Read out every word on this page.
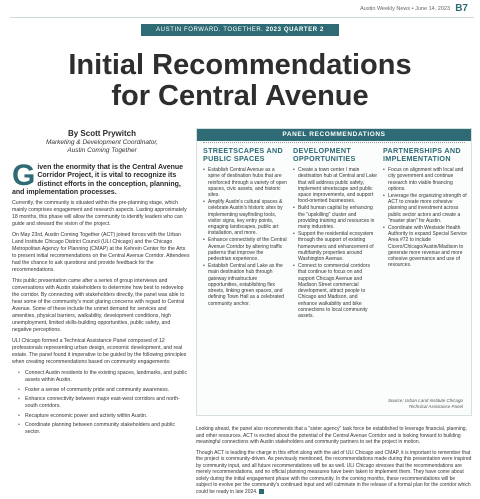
Austin Weekly News • June 14, 2023 B7
AUSTIN FORWARD. TOGETHER. 2023 QUARTER 2
Initial Recommendations
for Central Avenue
By Scott Prywitch
Marketing & Development Coordinator,
Austin Coming Together
G iven the enormity that is the Central Avenue Corridor Project, it is vital to recognize its distinct efforts in the conception, planning, and implementation processes.

Currently, the community is situated within the pre-planning stage, which mainly comprises engagement and research aspects. Lasting approximately 18 months, this phase will allow the community to identify leaders who can guide and steward the vision of the project.

On May 23rd, Austin Coming Together (ACT) joined forces with the Urban Land Institute Chicago District Council (ULI Chicago) and the Chicago Metropolitan Agency for Planning (CMAP) at the Kehrein Center for the Arts to present initial recommendations on the Central Avenue Corridor. Attendees had the chance to ask questions and provide feedback for the recommendations.

This public presentation came after a series of group interviews and conversations with Austin stakeholders to determine how best to redevelop the corridor. By connecting with stakeholders directly, the panel was able to hear some of the community's most glaring concerns with regard to Central Avenue. Some of these include the unmet demand for services and amenities, physical barriers, walkability, development conditions, high unemployment, limited skills-building opportunities, public safety, and negative perceptions.

ULI Chicago formed a Technical Assistance Panel composed of 12 professionals representing urban design, economic development, and real estate. The panel found it imperative to be guided by the following principles when creating recommendations based on community engagements:

• Connect Austin residents to the existing spaces, landmarks, and public assets within Austin.
• Foster a sense of community pride and community awareness.
• Enhance connectivity between major east-west corridors and north-south corridors.
• Recapture economic power and activity within Austin.
• Coordinate planning between community stakeholders and public sector.
PANEL RECOMMENDATIONS
STREETSCAPES AND
PUBLIC SPACES
• Establish Central Avenue as a spine of destination hubs that are reinforced through a variety of open spaces, civic assets, and historic sites.
• Amplify Austin's cultural spaces & celebrate Austin's historic sites by implementing wayfinding tools, visitor signs, key entry points, engaging landscapes, public art installation, and more.
• Enhance connectivity of the Central Avenue Corridor by altering traffic patterns that improve the pedestrian experience.
• Establish Central and Lake as the main destination hub through gateway infrastructure opportunities, establishing flex streets, linking green spaces, and defining Town Hall as a celebrated community anchor.
DEVELOPMENT
OPPORTUNITIES
• Create a town center / main destination hub at Central and Lake that will address public safety, implement streetscape and public space improvements, and support food-oriented businesses.
• Build human capital by enhancing the "upskilling" cluster and providing training and resources in many industries.
• Support the residential ecosystem through the support of existing homeowners and enhancement of multifamily properties around Washington Avenue.
• Connect to commercial corridors that continue to focus on and support Chicago Avenue and Madison Street commercial development, attract people to Chicago and Madison, and enhance walkability and bike connections to local community assets.
PARTNERSHIPS AND
IMPLEMENTATION
• Focus on alignment with local and city government and continue research into viable financing options.
• Leverage the organizing strength of ACT to create more cohesive planning and investment across public sector actors and create a "master plan" for Austin.
• Coordinate with Westside Health Authority to expand Special Service Area #72 to include Cicero/Chicago/Austin/Madison to generate more revenue and more cohesive governance and use of resources.
Source: Urban Land Institute Chicago
Technical Assistance Panel

Looking ahead, the panel also recommends that a "sister agency" task force be established to leverage financial, planning, and other resources. ACT is excited about the potential of the Central Avenue Corridor and is looking forward to building meaningful connections with Austin stakeholders and community partners to set the project in motion.

Though ACT is leading the charge in this effort along with the aid of ULI Chicago and CMAP, it is important to remember that the project is community-driven. As previously mentioned, the recommendations made during this presentation were inspired by community input, and all future recommendations will be as well. ULI Chicago stresses that the recommendations are merely recommendations, and no official planning measures have been taken to implement them. They have come about solely during the initial engagement phase with the community. In the coming months, these recommendations will be subject to evolve per the community's continued input and will culminate in the release of a formal plan for the corridor which could be ready in late 2024.
